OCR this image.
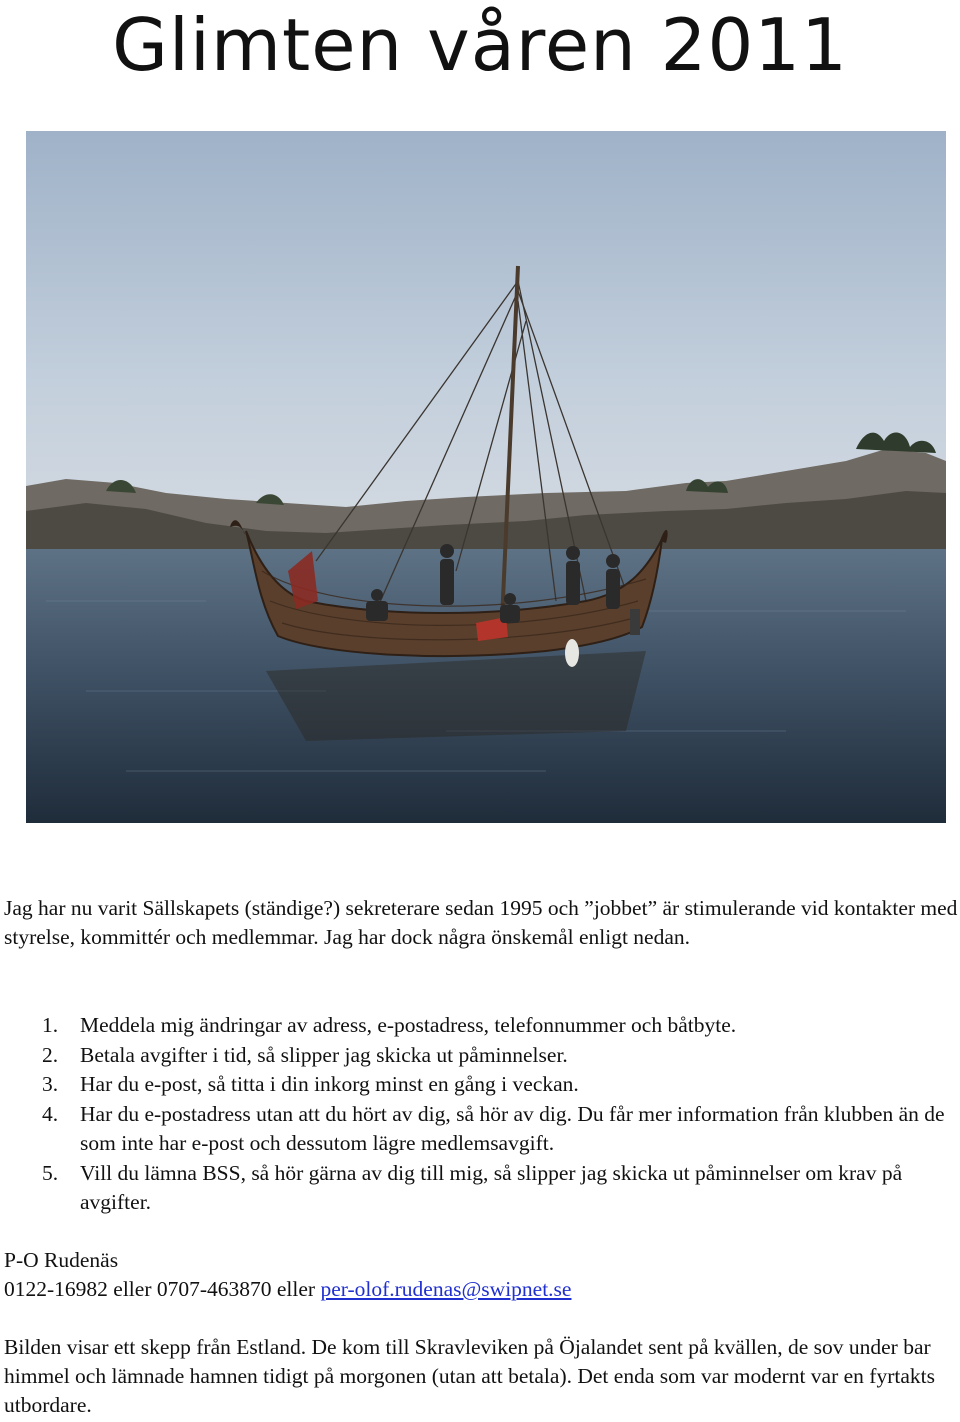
Glimten våren 2011
Jag har nu varit Sällskapets (ständige?) sekreterare sedan 1995 och ”jobbet” är stimulerande vid kontakter med styrelse, kommittér och medlemmar. Jag har dock några önskemål enligt nedan.
1. Meddela mig ändringar av adress, e-postadress, telefonnummer och båtbyte.
2. Betala avgifter i tid, så slipper jag skicka ut påminnelser.
3. Har du e-post, så titta i din inkorg minst en gång i veckan.
4. Har du e-postadress utan att du hört av dig, så hör av dig. Du får mer information från klubben än de som inte har e-post och dessutom lägre medlemsavgift.
5. Vill du lämna BSS, så hör gärna av dig till mig, så slipper jag skicka ut påminnelser om krav på avgifter.
P-O Rudenäs
0122-16982 eller 0707-463870 eller per-olof.rudenas@swipnet.se
Bilden visar ett skepp från Estland. De kom till Skravleviken på Öjalandet sent på kvällen, de sov under bar himmel och lämnade hamnen tidigt på morgonen (utan att betala). Det enda som var modernt var en fyrtakts utbordare.
